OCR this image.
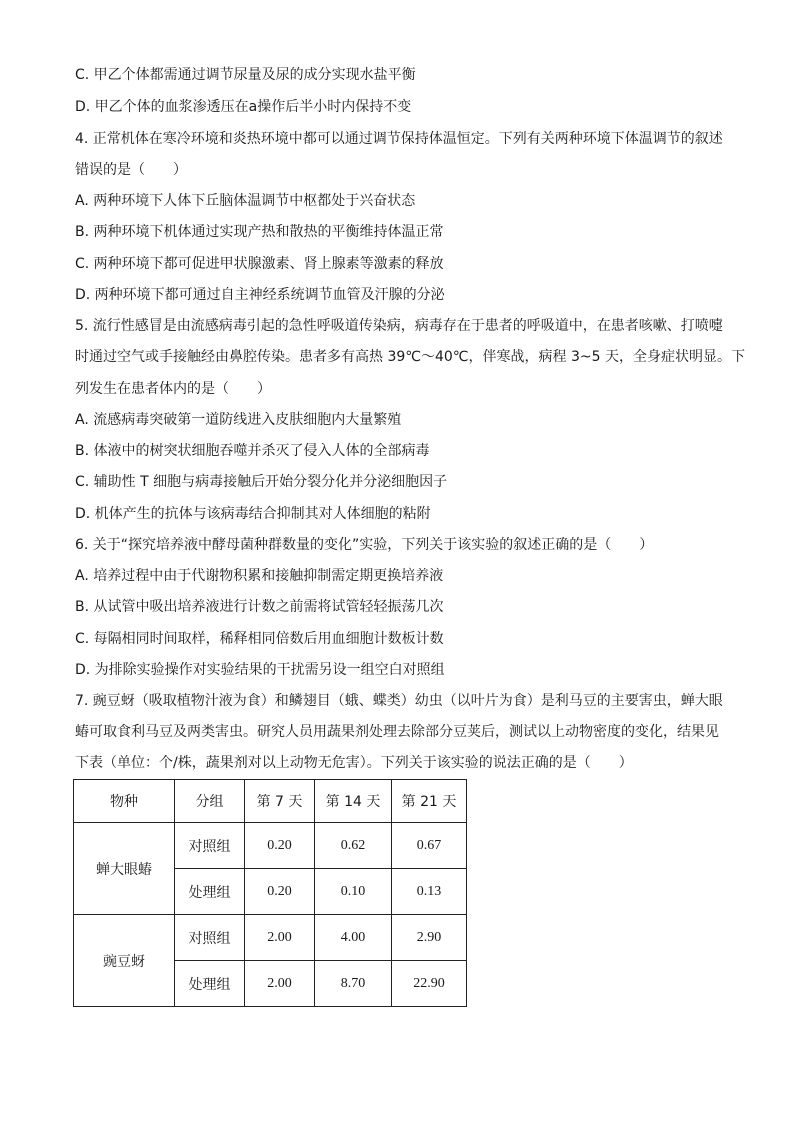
C. 甲乙个体都需通过调节尿量及尿的成分实现水盐平衡
D. 甲乙个体的血浆渗透压在a操作后半小时内保持不变
4. 正常机体在寒冷环境和炎热环境中都可以通过调节保持体温恒定。下列有关两种环境下体温调节的叙述
错误的是（　　）
A. 两种环境下人体下丘脑体温调节中枢都处于兴奋状态
B. 两种环境下机体通过实现产热和散热的平衡维持体温正常
C. 两种环境下都可促进甲状腺激素、肾上腺素等激素的释放
D. 两种环境下都可通过自主神经系统调节血管及汗腺的分泌
5. 流行性感冒是由流感病毒引起的急性呼吸道传染病，病毒存在于患者的呼吸道中，在患者咳嗽、打喷嚏
时通过空气或手接触经由鼻腔传染。患者多有高热 39℃～40℃，伴寒战，病程 3~5 天，全身症状明显。下
列发生在患者体内的是（　　）
A. 流感病毒突破第一道防线进入皮肤细胞内大量繁殖
B. 体液中的树突状细胞吞噬并杀灭了侵入人体的全部病毒
C. 辅助性 T 细胞与病毒接触后开始分裂分化并分泌细胞因子
D. 机体产生的抗体与该病毒结合抑制其对人体细胞的粘附
6. 关于“探究培养液中酵母菌种群数量的变化”实验，下列关于该实验的叙述正确的是（　　）
A. 培养过程中由于代谢物积累和接触抑制需定期更换培养液
B. 从试管中吸出培养液进行计数之前需将试管轻轻振荡几次
C. 每隔相同时间取样，稀释相同倍数后用血细胞计数板计数
D. 为排除实验操作对实验结果的干扰需另设一组空白对照组
7. 豌豆蚜（吸取植物汁液为食）和鳞翅目（蛾、蝶类）幼虫（以叶片为食）是利马豆的主要害虫，蝉大眼
蝽可取食利马豆及两类害虫。研究人员用蔬果剂处理去除部分豆荚后，测试以上动物密度的变化，结果见
下表（单位：个/株，蔬果剂对以上动物无危害）。下列关于该实验的说法正确的是（　　）
物种	分组	第 7 天	第 14 天	第 21 天
蝉大眼蝽	对照组	0.20	0.62	0.67
	处理组	0.20	0.10	0.13
豌豆蚜	对照组	2.00	4.00	2.90
	处理组	2.00	8.70	22.90
